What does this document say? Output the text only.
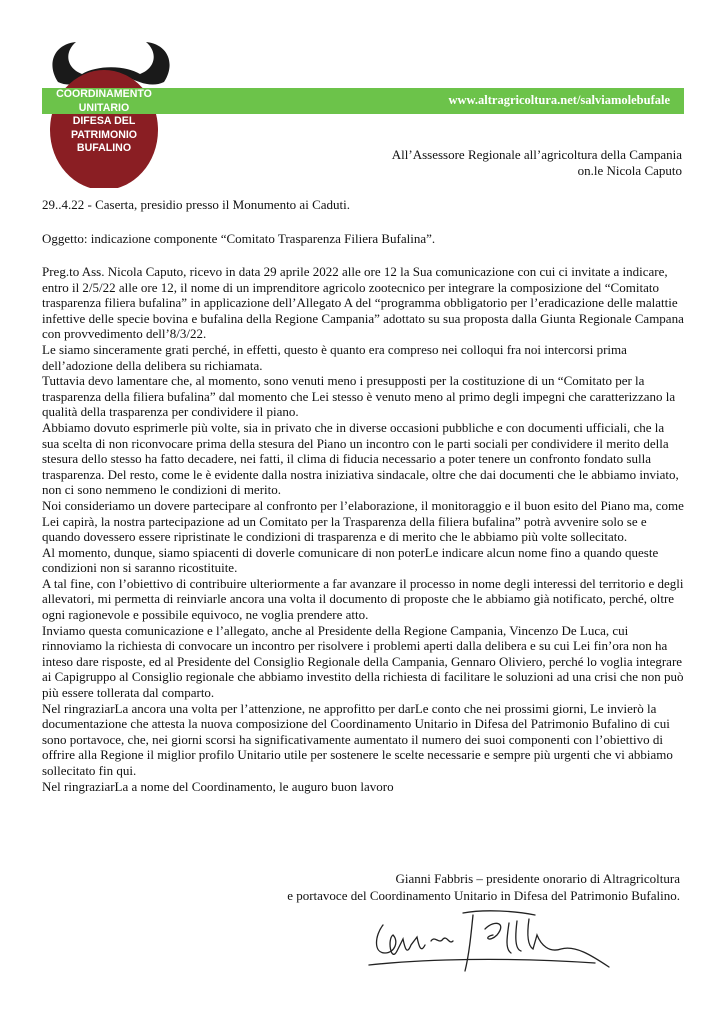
www.altragricoltura.net/salviamolebufale
COORDINAMENTO
UNITARIO
DIFESA DEL
PATRIMONIO
BUFALINO	All’Assessore Regionale all’agricoltura della Campania
on.le Nicola Caputo
29..4.22 - Caserta, presidio presso il Monumento ai Caduti.
Oggetto: indicazione componente “Comitato Trasparenza Filiera Bufalina”.

Preg.to Ass. Nicola Caputo, ricevo in data 29 aprile 2022 alle ore 12 la Sua comunicazione con cui ci invitate a indicare, entro il 2/5/22 alle ore 12, il nome di un imprenditore agricolo zootecnico per integrare la composizione del “Comitato trasparenza filiera bufalina” in applicazione dell’Allegato A del “programma obbligatorio per l’eradicazione delle malattie infettive delle specie bovina e bufalina della Regione Campania” adottato su sua proposta dalla Giunta Regionale Campana con provvedimento dell’8/3/22.

Le siamo sinceramente grati perché, in effetti, questo è quanto era compreso nei colloqui fra noi intercorsi prima dell’adozione della delibera su richiamata.

Tuttavia devo lamentare che, al momento, sono venuti meno i presupposti per la costituzione di un “Comitato per la trasparenza della filiera bufalina” dal momento che Lei stesso è venuto meno al primo degli impegni che caratterizzano la qualità della trasparenza per condividere il piano.

Abbiamo dovuto esprimerle più volte, sia in privato che in diverse occasioni pubbliche e con documenti ufficiali, che la sua scelta di non riconvocare prima della stesura del Piano un incontro con le parti sociali per condividere il merito della stesura dello stesso ha fatto decadere, nei fatti, il clima di fiducia necessario a poter tenere un confronto fondato sulla trasparenza. Del resto, come le è evidente dalla nostra iniziativa sindacale, oltre che dai documenti che le abbiamo inviato, non ci sono nemmeno le condizioni di merito.

Noi consideriamo un dovere partecipare al confronto per l’elaborazione, il monitoraggio e il buon esito del Piano ma, come Lei capirà, la nostra partecipazione ad un Comitato per la Trasparenza della filiera bufalina” potrà avvenire solo se e quando dovessero essere ripristinate le condizioni di trasparenza e di merito che le abbiamo più volte sollecitato.

Al momento, dunque, siamo spiacenti di doverle comunicare di non poterLe indicare alcun nome fino a quando queste condizioni non si saranno ricostituite.

A tal fine, con l’obiettivo di contribuire ulteriormente a far avanzare il processo in nome degli interessi del territorio e degli allevatori, mi permetta di reinviarle ancora una volta il documento di proposte che le abbiamo già notificato, perché, oltre ogni ragionevole e possibile equivoco, ne voglia prendere atto.

Inviamo questa comunicazione e l’allegato, anche al Presidente della Regione Campania, Vincenzo De Luca, cui rinnoviamo la richiesta di convocare un incontro per risolvere i problemi aperti dalla delibera e su cui Lei fin’ora non ha inteso dare risposte, ed al Presidente del Consiglio Regionale della Campania, Gennaro Oliviero, perché lo voglia integrare ai Capigruppo al Consiglio regionale che abbiamo investito della richiesta di facilitare le soluzioni ad una crisi che non può più essere tollerata dal comparto.

Nel ringraziarLa ancora una volta per l’attenzione, ne approfitto per darLe conto che nei prossimi giorni, Le invierò la documentazione che attesta la nuova composizione del Coordinamento Unitario in Difesa del Patrimonio Bufalino di cui sono portavoce, che, nei giorni scorsi ha significativamente aumentato il numero dei suoi componenti con l’obiettivo di offrire alla Regione il miglior profilo Unitario utile per sostenere le scelte necessarie e sempre più urgenti che vi abbiamo sollecitato fin qui.

Nel ringraziarLa a nome del Coordinamento, le auguro buon lavoro

Gianni Fabbris – presidente onorario di Altragricoltura
e portavoce del Coordinamento Unitario in Difesa del Patrimonio Bufalino.
